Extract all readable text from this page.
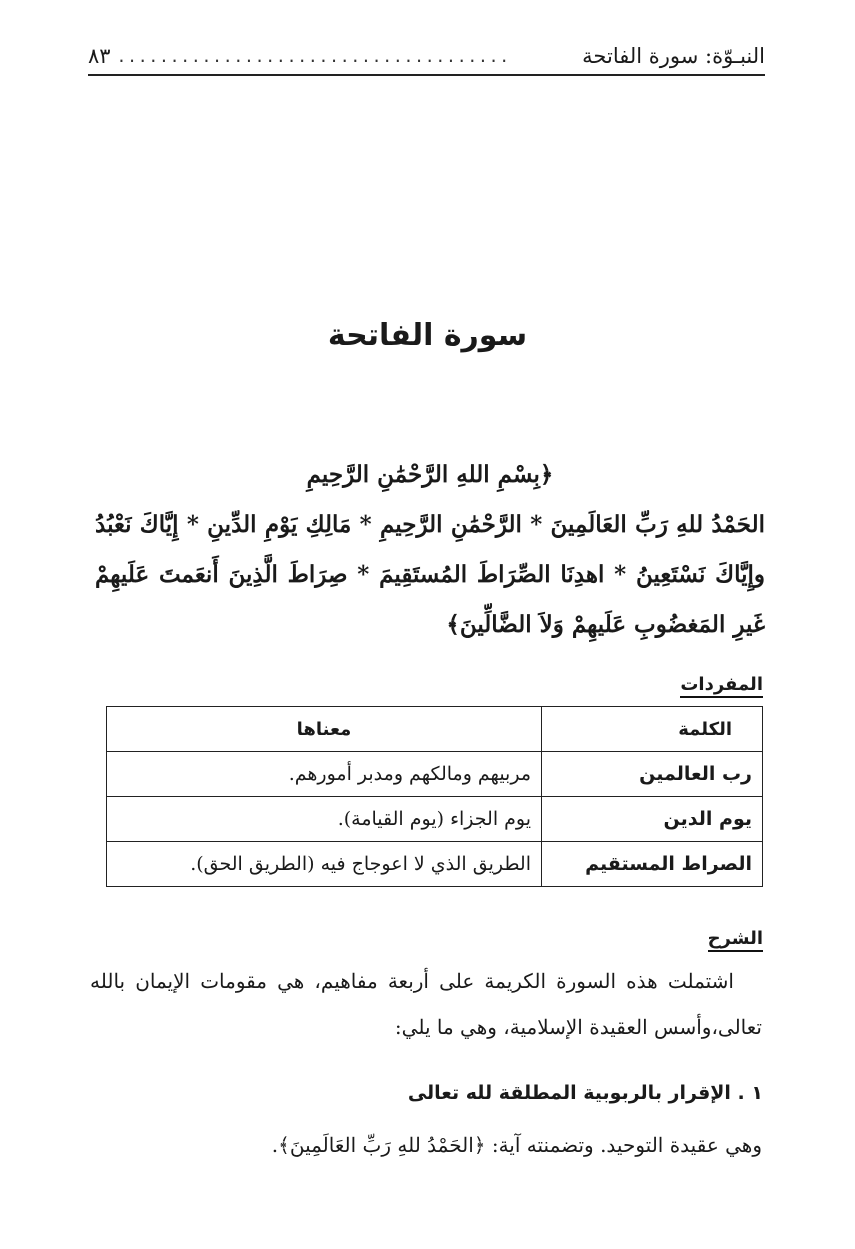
النبـوّة: سورة الفاتحة
.....................................
٨٣
سورة الفاتحة
﴿بِسْمِ اللهِ الرَّحْمَٰنِ الرَّحِيمِ
الحَمْدُ للهِ رَبِّ العَالَمِينَ * الرَّحْمَٰنِ الرَّحِيمِ * مَالِكِ يَوْمِ الدِّينِ * إِيَّاكَ نَعْبُدُ وإِيَّاكَ نَسْتَعِينُ * اهدِنَا الصِّرَاطَ المُستَقِيمَ * صِرَاطَ الَّذِينَ أَنعَمتَ عَلَيهِمْ غَيرِ المَغضُوبِ عَلَيهِمْ وَلاَ الضَّالِّينَ﴾
المفردات
الكلمة	معناها
رب العالمين	مربيهم ومالكهم ومدبر أمورهم.
يوم الدين	يوم الجزاء (يوم القيامة).
الصراط المستقيم	الطريق الذي لا اعوجاج فيه (الطريق الحق).
الشرح
اشتملت هذه السورة الكريمة على أربعة مفاهيم، هي مقومات الإيمان بالله تعالى،وأسس العقيدة الإسلامية، وهي ما يلي:
١ . الإقرار بالربوبية المطلقة لله تعالى
وهي عقيدة التوحيد. وتضمنته آية: ﴿الحَمْدُ للهِ رَبِّ العَالَمِينَ﴾.
